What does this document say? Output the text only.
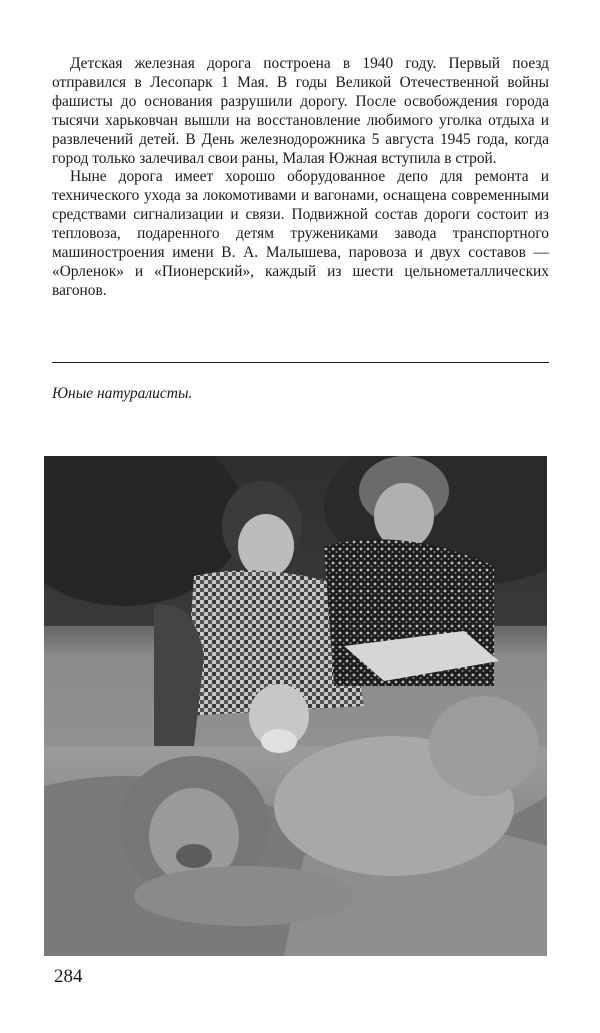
Детская железная дорога построена в 1940 году. Первый поезд отправился в Лесопарк 1 Мая. В годы Великой Отечественной войны фашисты до основания разрушили дорогу. После освобождения города тысячи харьковчан вышли на восстановление любимого уголка отдыха и развлечений детей. В День железнодорожника 5 августа 1945 года, когда город только залечивал свои раны, Малая Южная вступила в строй.

Ныне дорога имеет хорошо оборудованное депо для ремонта и технического ухода за локомотивами и вагонами, оснащена современными средствами сигнализации и связи. Подвижной состав дороги состоит из тепловоза, подаренного детям тружениками завода транспортного машиностроения имени В. А. Малышева, паровоза и двух составов — «Орленок» и «Пионерский», каждый из шести цельнометаллических вагонов.

Юные натуралисты.
284
